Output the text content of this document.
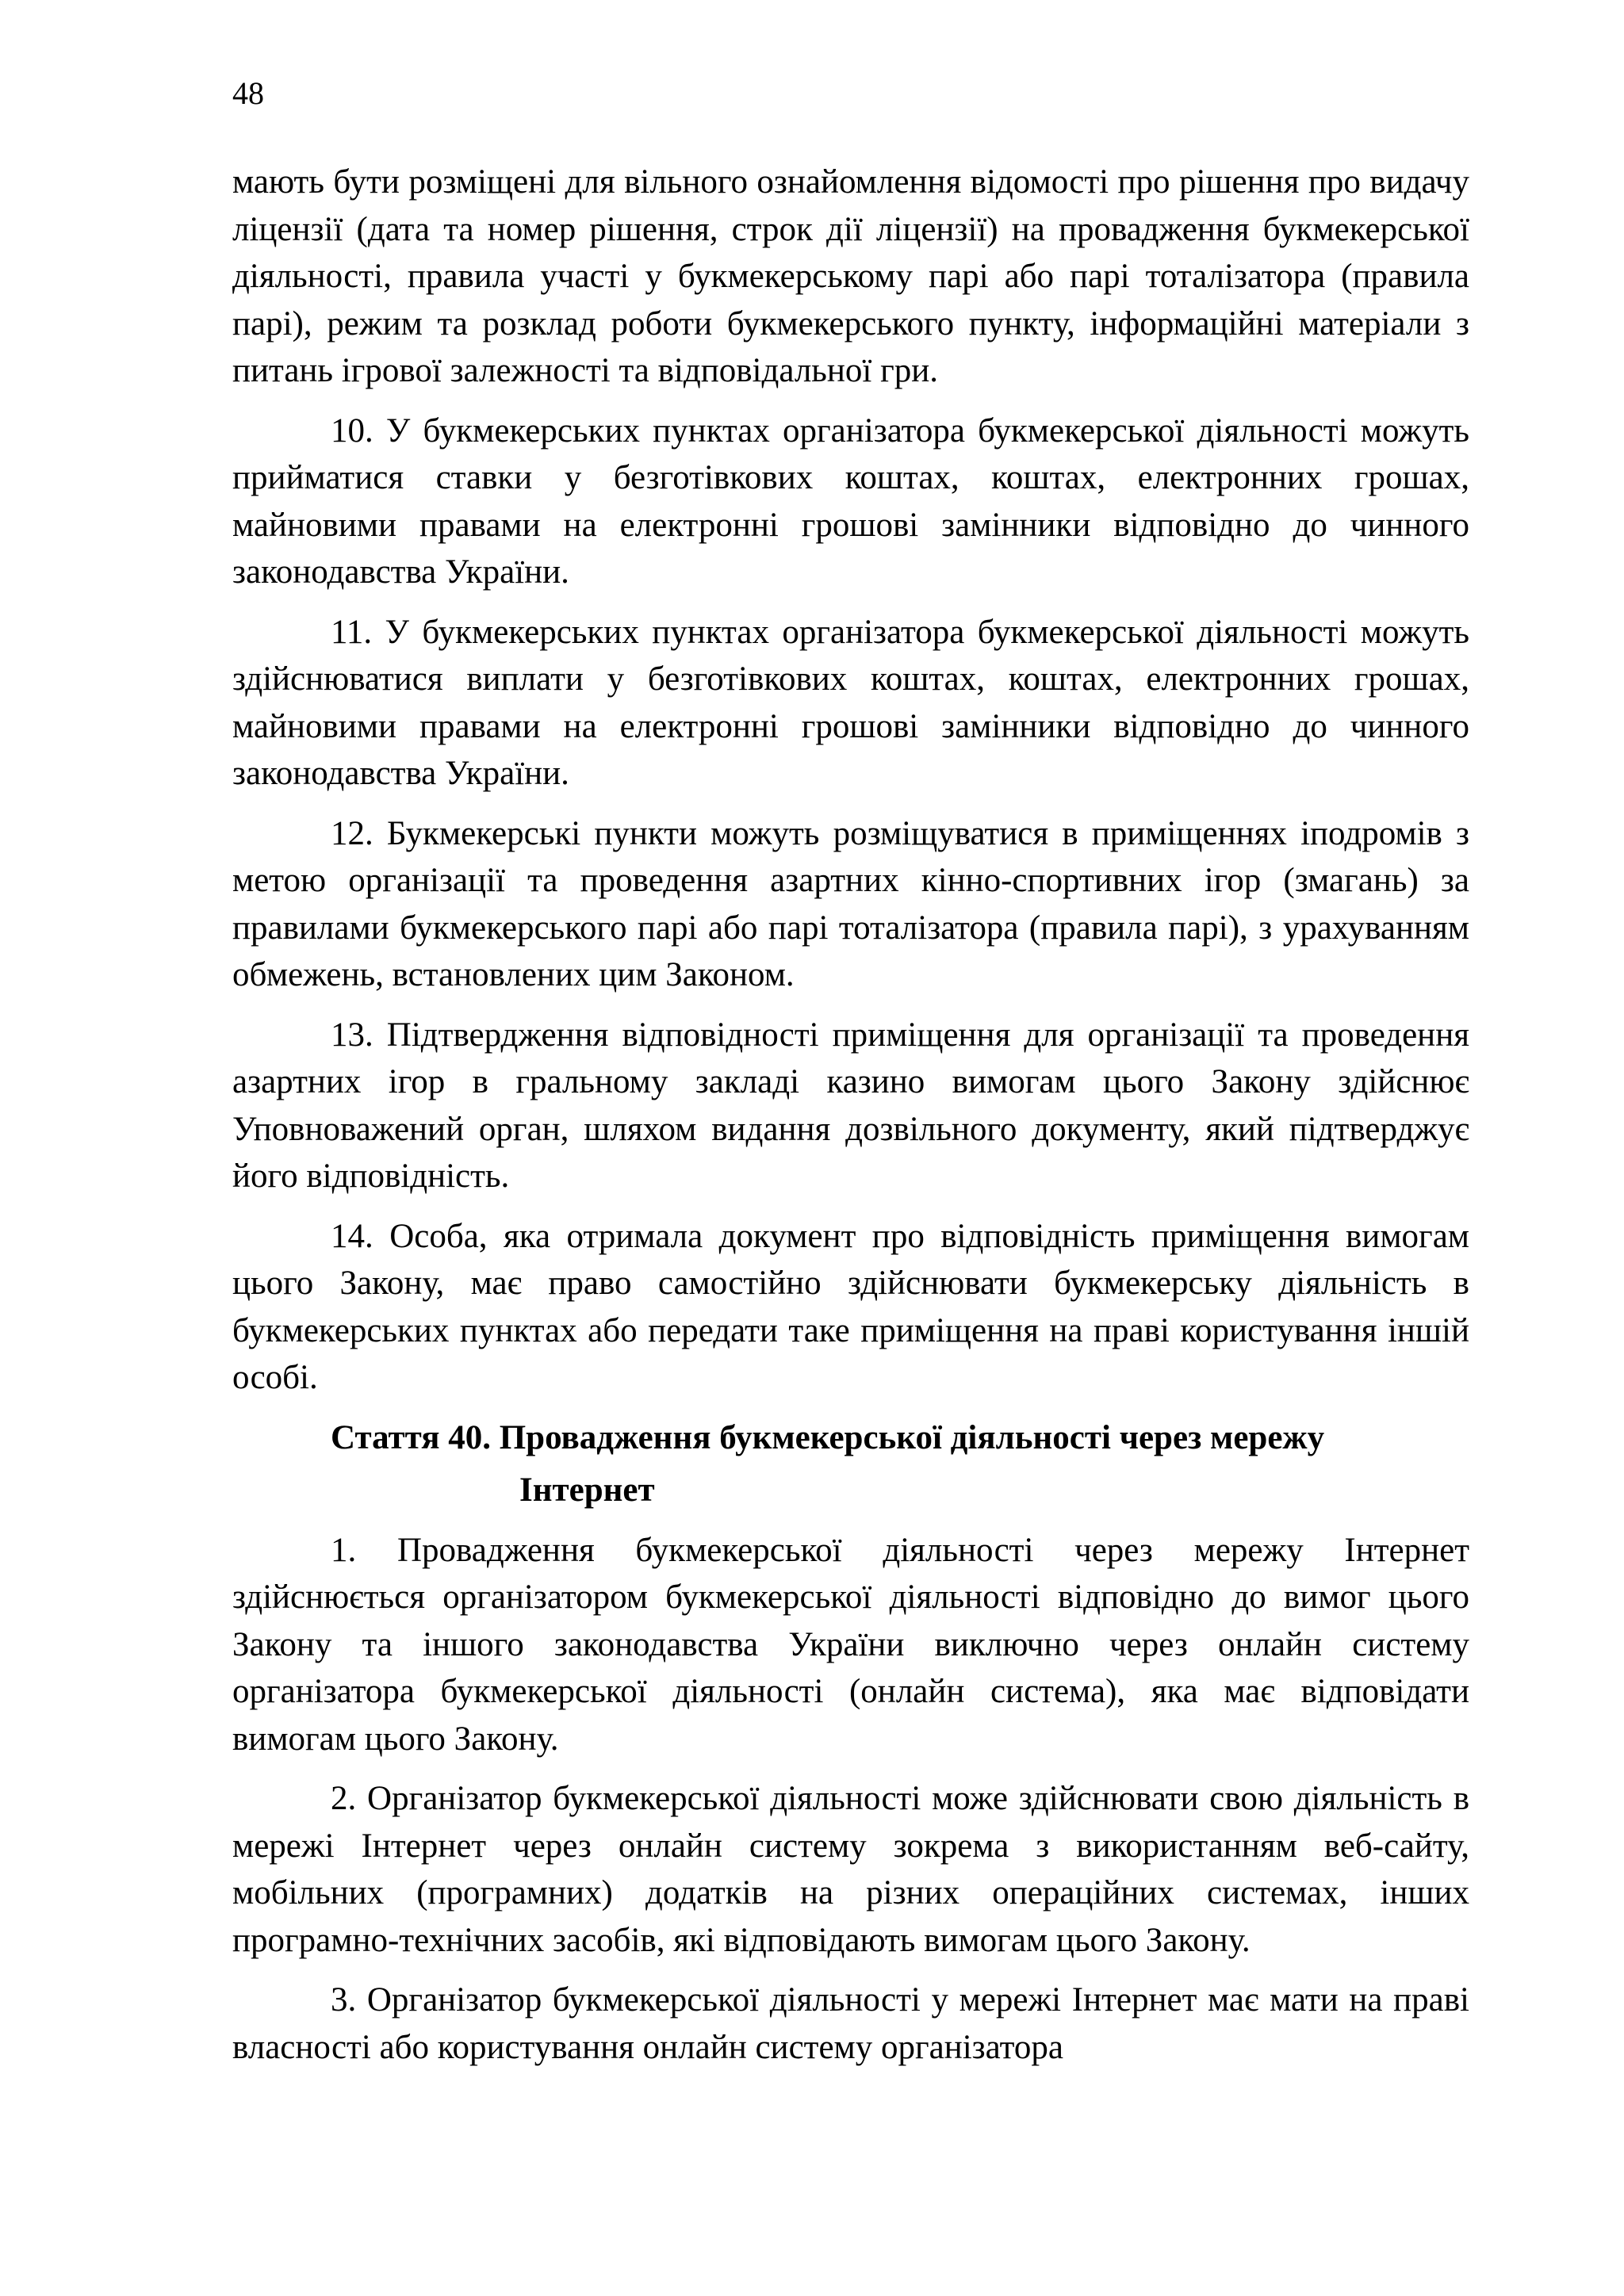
48

мають бути розміщені для вільного ознайомлення відомості про рішення про видачу ліцензії (дата та номер рішення, строк дії ліцензії) на провадження букмекерської діяльності, правила участі у букмекерському парі або парі тоталізатора (правила парі), режим та розклад роботи букмекерського пункту, інформаційні матеріали з питань ігрової залежності та відповідальної гри.

10. У букмекерських пунктах організатора букмекерської діяльності можуть прийматися ставки у безготівкових коштах, коштах, електронних грошах, майновими правами на електронні грошові замінники відповідно до чинного законодавства України.

11. У букмекерських пунктах організатора букмекерської діяльності можуть здійснюватися виплати у безготівкових коштах, коштах, електронних грошах, майновими правами на електронні грошові замінники відповідно до чинного законодавства України.

12. Букмекерські пункти можуть розміщуватися в приміщеннях іподромів з метою організації та проведення азартних кінно-спортивних ігор (змагань) за правилами букмекерського парі або парі тоталізатора (правила парі), з урахуванням обмежень, встановлених цим Законом.

13. Підтвердження відповідності приміщення для організації та проведення азартних ігор в гральному закладі казино вимогам цього Закону здійснює Уповноважений орган, шляхом видання дозвільного документу, який підтверджує його відповідність.

14. Особа, яка отримала документ про відповідність приміщення вимогам цього Закону, має право самостійно здійснювати букмекерську діяльність в букмекерських пунктах або передати таке приміщення на праві користування іншій особі.

Стаття 40. Провадження букмекерської діяльності через мережу
Інтернет

1. Провадження букмекерської діяльності через мережу Інтернет здійснюється організатором букмекерської діяльності відповідно до вимог цього Закону та іншого законодавства України виключно через онлайн систему організатора букмекерської діяльності (онлайн система), яка має відповідати вимогам цього Закону.

2. Організатор букмекерської діяльності може здійснювати свою діяльність в мережі Інтернет через онлайн систему зокрема з використанням веб-сайту, мобільних (програмних) додатків на різних операційних системах, інших програмно-технічних засобів, які відповідають вимогам цього Закону.

3. Організатор букмекерської діяльності у мережі Інтернет має мати на праві власності або користування онлайн систему організатора
